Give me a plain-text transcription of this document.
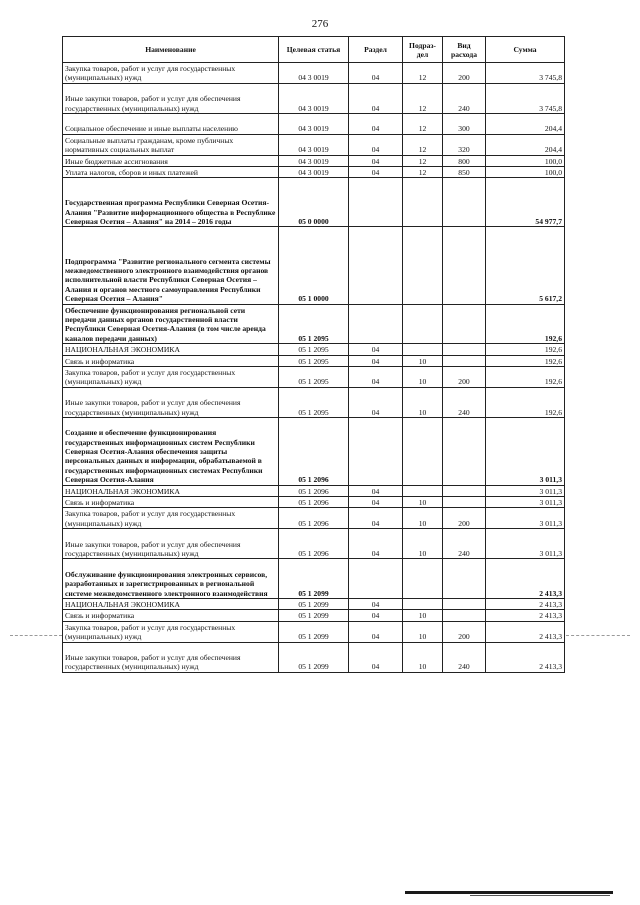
276
Наименование	Целевая статья	Раздел	Подраз-дел	Вид расхода	Сумма
Закупка товаров, работ и услуг для государственных (муниципальных) нужд	04 3 0019	04	12	200	3 745,8
Иные закупки товаров, работ и услуг для обеспечения государственных (муниципальных) нужд	04 3 0019	04	12	240	3 745,8
Социальное обеспечение и иные выплаты населению	04 3 0019	04	12	300	204,4
Социальные выплаты гражданам, кроме публичных нормативных социальных выплат	04 3 0019	04	12	320	204,4
Иные бюджетные ассигнования	04 3 0019	04	12	800	100,0
Уплата налогов, сборов и иных платежей	04 3 0019	04	12	850	100,0
Государственная программа Республики Северная Осетия-Алания "Развитие информационного общества в Республике Северная Осетия – Алания" на 2014 – 2016 годы	05 0 0000				54 977,7
Подпрограмма "Развитие регионального сегмента системы межведомственного электронного взаимодействия органов исполнительной власти Республики Северная Осетия – Алания и органов местного самоуправления Республики Северная Осетия – Алания"	05 1 0000				5 617,2
Обеспечение функционирования региональной сети передачи данных органов государственной власти Республики Северная Осетия-Алания (в том числе аренда каналов передачи данных)	05 1 2095				192,6
НАЦИОНАЛЬНАЯ ЭКОНОМИКА	05 1 2095	04			192,6
Связь и информатика	05 1 2095	04	10		192,6
Закупка товаров, работ и услуг для государственных (муниципальных) нужд	05 1 2095	04	10	200	192,6
Иные закупки товаров, работ и услуг для обеспечения государственных (муниципальных) нужд	05 1 2095	04	10	240	192,6
Создание и обеспечение функционирования государственных информационных систем Республики Северная Осетия-Алания обеспечения защиты персональных данных и информации, обрабатываемой в государственных информационных системах Республики Северная Осетия-Алания	05 1 2096				3 011,3
НАЦИОНАЛЬНАЯ ЭКОНОМИКА	05 1 2096	04			3 011,3
Связь и информатика	05 1 2096	04	10		3 011,3
Закупка товаров, работ и услуг для государственных (муниципальных) нужд	05 1 2096	04	10	200	3 011,3
Иные закупки товаров, работ и услуг для обеспечения государственных (муниципальных) нужд	05 1 2096	04	10	240	3 011,3
Обслуживание функционирования электронных сервисов, разработанных и зарегистрированных в региональной системе межведомственного электронного взаимодействия	05 1 2099				2 413,3
НАЦИОНАЛЬНАЯ ЭКОНОМИКА	05 1 2099	04			2 413,3
Связь и информатика	05 1 2099	04	10		2 413,3
Закупка товаров, работ и услуг для государственных (муниципальных) нужд	05 1 2099	04	10	200	2 413,3
Иные закупки товаров, работ и услуг для обеспечения государственных (муниципальных) нужд	05 1 2099	04	10	240	2 413,3
